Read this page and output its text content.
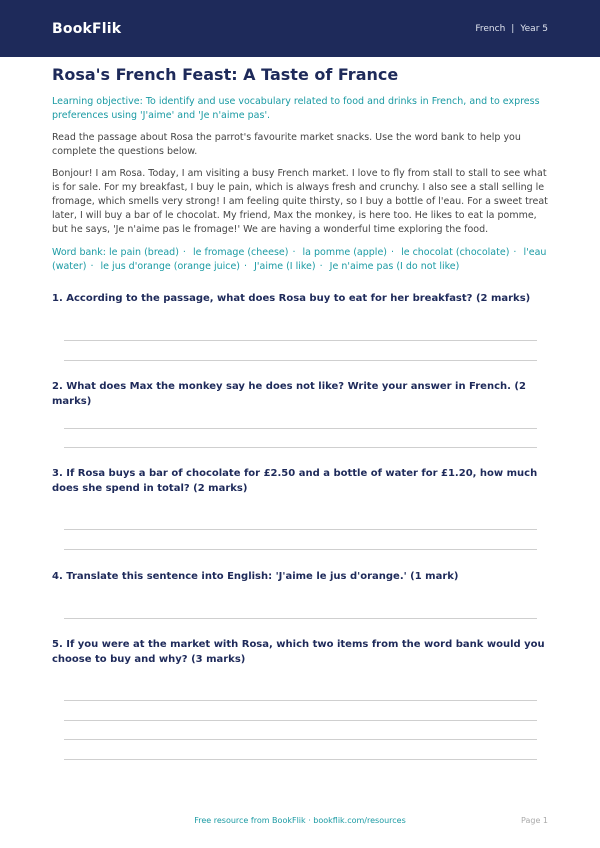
BookFlik	French | Year 5
Rosa's French Feast: A Taste of France
Learning objective: To identify and use vocabulary related to food and drinks in French, and to express preferences using 'J'aime' and 'Je n'aime pas'.
Read the passage about Rosa the parrot's favourite market snacks. Use the word bank to help you complete the questions below.
Bonjour! I am Rosa. Today, I am visiting a busy French market. I love to fly from stall to stall to see what is for sale. For my breakfast, I buy le pain, which is always fresh and crunchy. I also see a stall selling le fromage, which smells very strong! I am feeling quite thirsty, so I buy a bottle of l'eau. For a sweet treat later, I will buy a bar of le chocolat. My friend, Max the monkey, is here too. He likes to eat la pomme, but he says, 'Je n'aime pas le fromage!' We are having a wonderful time exploring the food.
Word bank: le pain (bread) · le fromage (cheese) · la pomme (apple) · le chocolat (chocolate) · l'eau (water) · le jus d'orange (orange juice) · J'aime (I like) · Je n'aime pas (I do not like)
1. According to the passage, what does Rosa buy to eat for her breakfast? (2 marks)
2. What does Max the monkey say he does not like? Write your answer in French. (2 marks)
3. If Rosa buys a bar of chocolate for £2.50 and a bottle of water for £1.20, how much does she spend in total? (2 marks)
4. Translate this sentence into English: 'J'aime le jus d'orange.' (1 mark)
5. If you were at the market with Rosa, which two items from the word bank would you choose to buy and why? (3 marks)
Free resource from BookFlik · bookflik.com/resources	Page 1
